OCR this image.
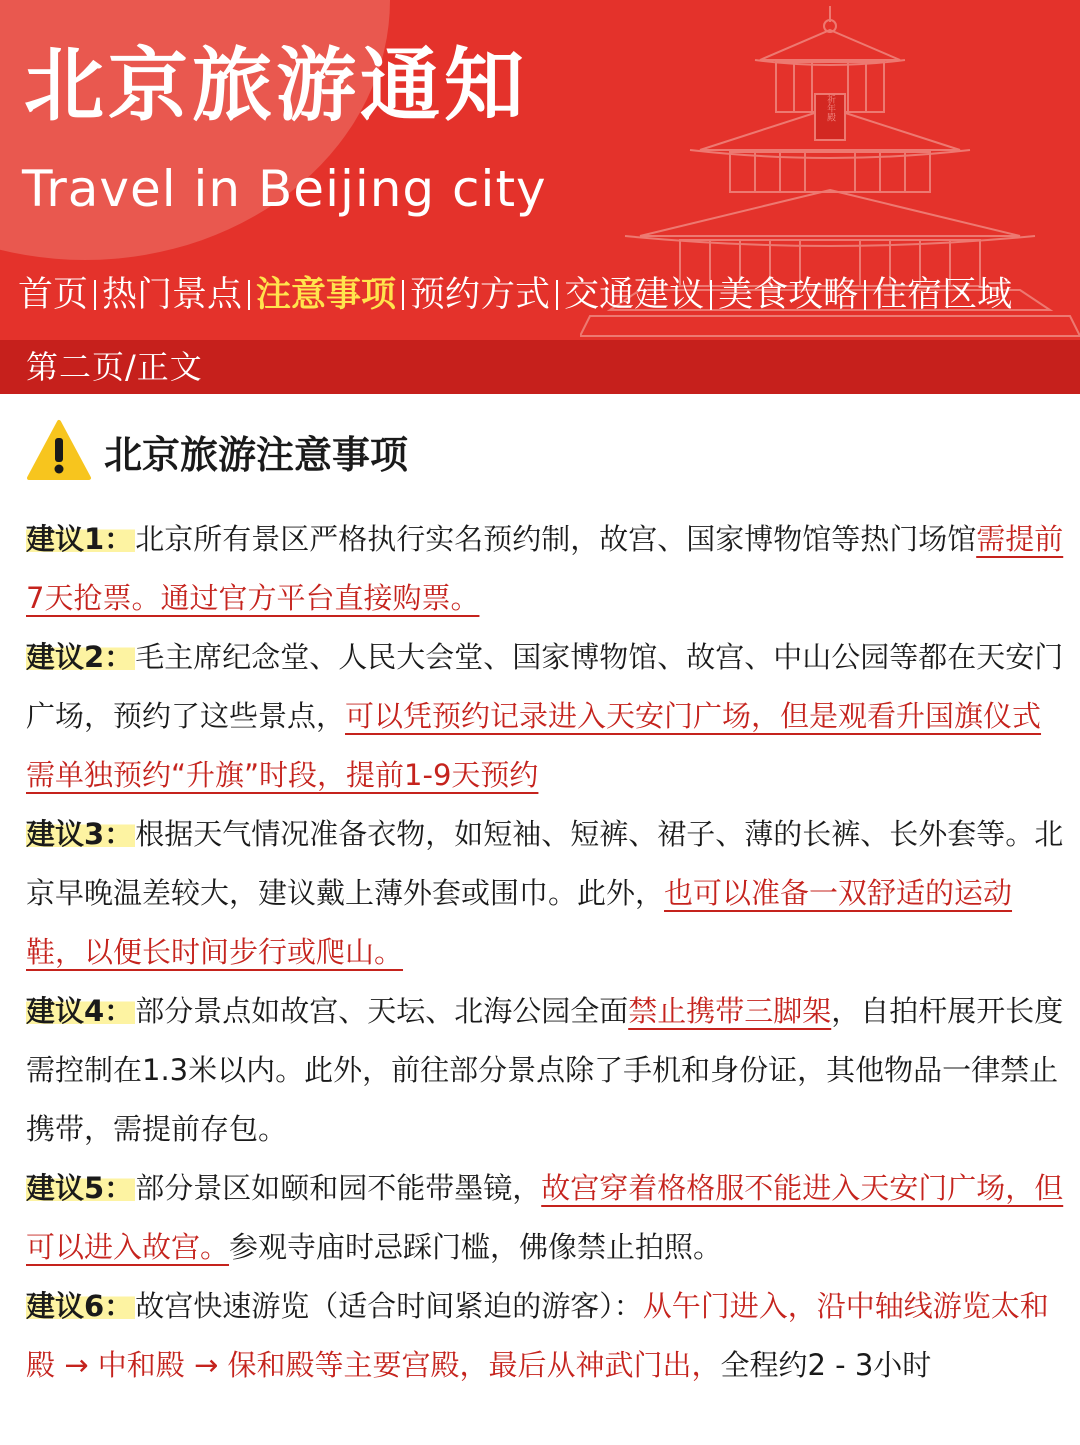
祈年殿
北京旅游通知
Travel in Beijing city
首页 热门景点 注意事项 预约方式 交通建议 美食攻略 住宿区域
第二页/正文
北京旅游注意事项

建议1：北京所有景区严格执行实名预约制，故宫、国家博物馆等热门场馆需提前7天抢票。通过官方平台直接购票。

建议2：毛主席纪念堂、人民大会堂、国家博物馆、故宫、中山公园等都在天安门广场，预约了这些景点，可以凭预约记录进入天安门广场，但是观看升国旗仪式需单独预约“升旗”时段，提前1-9天预约

建议3：根据天气情况准备衣物，如短袖、短裤、裙子、薄的长裤、长外套等。北京早晚温差较大，建议戴上薄外套或围巾。此外，也可以准备一双舒适的运动鞋，以便长时间步行或爬山。

建议4：部分景点如故宫、天坛、北海公园全面禁止携带三脚架，自拍杆展开长度需控制在1.3米以内。此外，前往部分景点除了手机和身份证，其他物品一律禁止携带，需提前存包。

建议5：部分景区如颐和园不能带墨镜，故宫穿着格格服不能进入天安门广场，但可以进入故宫。参观寺庙时忌踩门槛，佛像禁止拍照。

建议6：故宫快速游览（适合时间紧迫的游客）：从午门进入，沿中轴线游览太和殿 → 中和殿 → 保和殿等主要宫殿，最后从神武门出，全程约2 - 3小时
